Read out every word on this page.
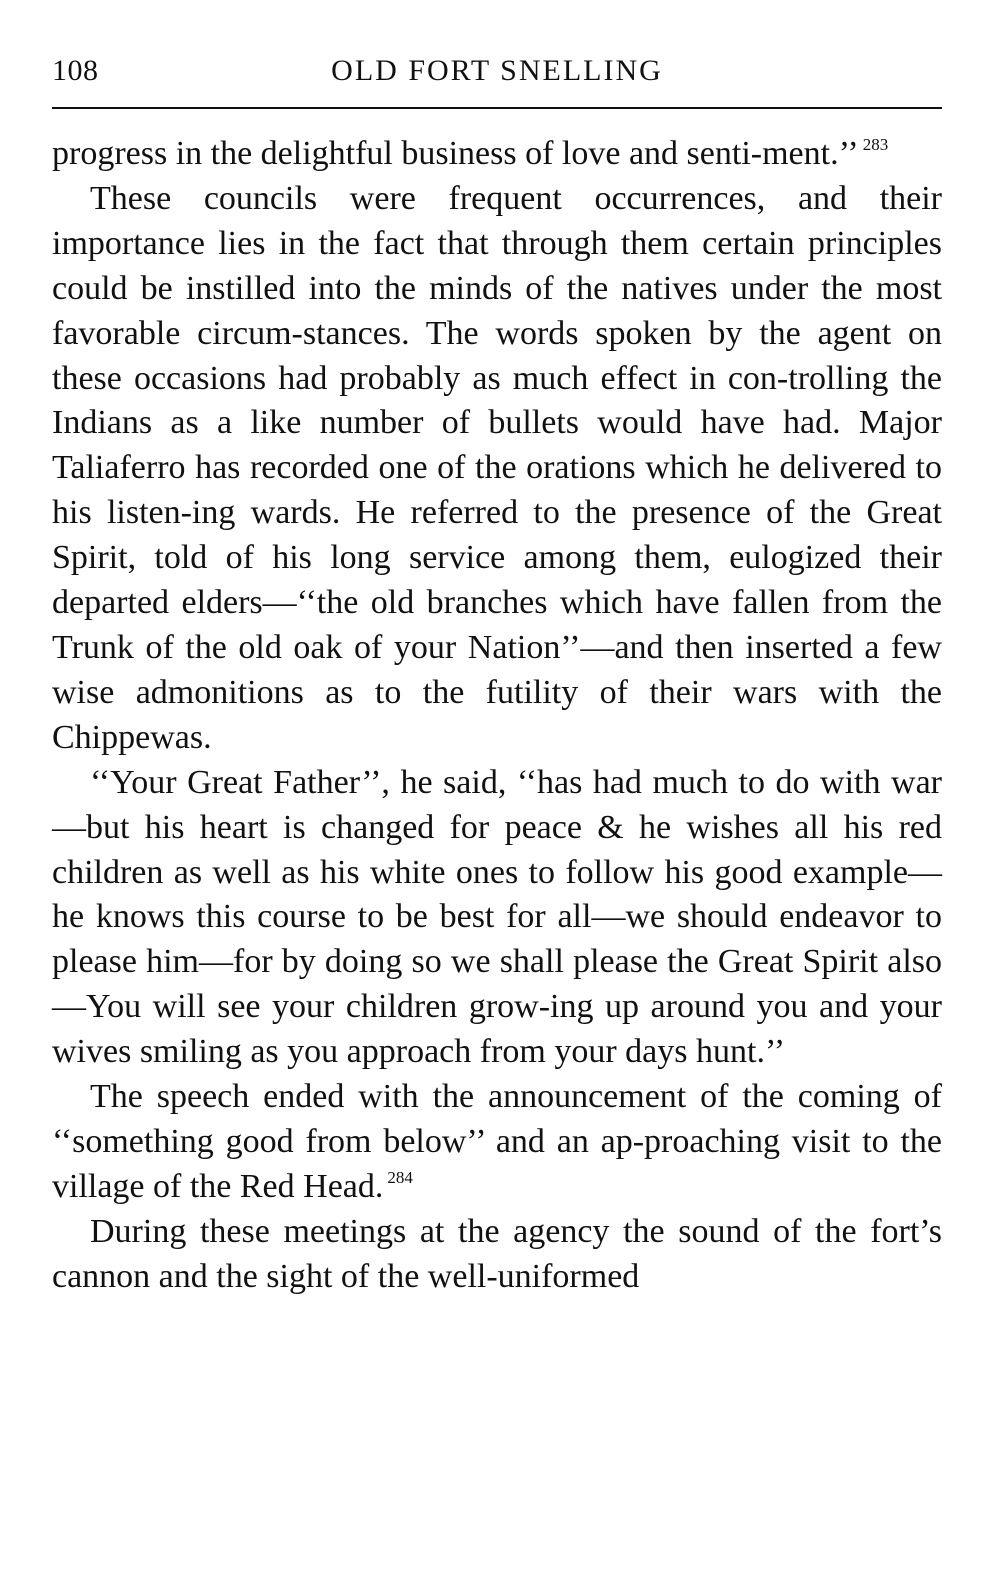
108	OLD FORT SNELLING

progress in the delightful business of love and senti-ment.’’ $^{283}$

These councils were frequent occurrences, and their importance lies in the fact that through them certain principles could be instilled into the minds of the natives under the most favorable circum-stances. The words spoken by the agent on these occasions had probably as much effect in con-trolling the Indians as a like number of bullets would have had. Major Taliaferro has recorded one of the orations which he delivered to his listen-ing wards. He referred to the presence of the Great Spirit, told of his long service among them, eulogized their departed elders—‘‘the old branches which have fallen from the Trunk of the old oak of your Nation’’—and then inserted a few wise admonitions as to the futility of their wars with the Chippewas.

‘‘Your Great Father’’, he said, ‘‘has had much to do with war—but his heart is changed for peace & he wishes all his red children as well as his white ones to follow his good example—he knows this course to be best for all—we should endeavor to please him—for by doing so we shall please the Great Spirit also—You will see your children grow-ing up around you and your wives smiling as you approach from your days hunt.’’

The speech ended with the announcement of the coming of ‘‘something good from below’’ and an ap-proaching visit to the village of the Red Head. $^{284}$

During these meetings at the agency the sound of the fort’s cannon and the sight of the well-uniformed
